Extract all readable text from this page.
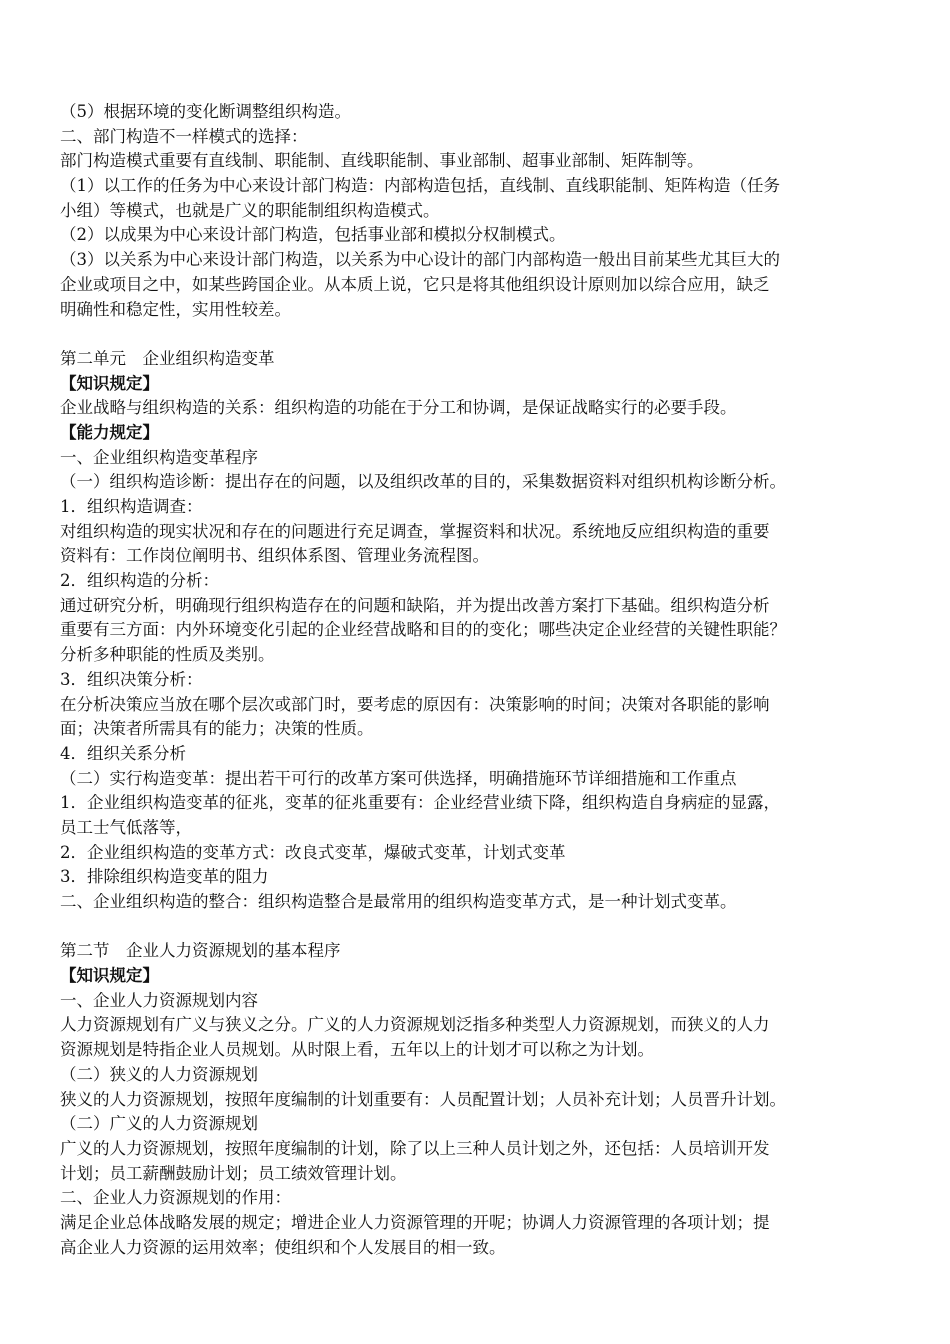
（5）根据环境的变化断调整组织构造。
二、部门构造不一样模式的选择：
部门构造模式重要有直线制、职能制、直线职能制、事业部制、超事业部制、矩阵制等。
（1）以工作的任务为中心来设计部门构造：内部构造包括，直线制、直线职能制、矩阵构造（任务
小组）等模式，也就是广义的职能制组织构造模式。
（2）以成果为中心来设计部门构造，包括事业部和模拟分权制模式。
（3）以关系为中心来设计部门构造，以关系为中心设计的部门内部构造一般出目前某些尤其巨大的
企业或项目之中，如某些跨国企业。从本质上说，它只是将其他组织设计原则加以综合应用，缺乏
明确性和稳定性，实用性较差。
第二单元　企业组织构造变革
【知识规定】
企业战略与组织构造的关系：组织构造的功能在于分工和协调，是保证战略实行的必要手段。
【能力规定】
一、企业组织构造变革程序
（一）组织构造诊断：提出存在的问题，以及组织改革的目的，采集数据资料对组织机构诊断分析。
1．组织构造调查：
对组织构造的现实状况和存在的问题进行充足调查，掌握资料和状况。系统地反应组织构造的重要
资料有：工作岗位阐明书、组织体系图、管理业务流程图。
2．组织构造的分析：
通过研究分析，明确现行组织构造存在的问题和缺陷，并为提出改善方案打下基础。组织构造分析
重要有三方面：内外环境变化引起的企业经营战略和目的的变化；哪些决定企业经营的关键性职能？
分析多种职能的性质及类别。
3．组织决策分析：
在分析决策应当放在哪个层次或部门时，要考虑的原因有：决策影响的时间；决策对各职能的影响
面；决策者所需具有的能力；决策的性质。
4．组织关系分析
（二）实行构造变革：提出若干可行的改革方案可供选择，明确措施环节详细措施和工作重点
1．企业组织构造变革的征兆，变革的征兆重要有：企业经营业绩下降，组织构造自身病症的显露，
员工士气低落等，
2．企业组织构造的变革方式：改良式变革，爆破式变革，计划式变革
3．排除组织构造变革的阻力
二、企业组织构造的整合：组织构造整合是最常用的组织构造变革方式，是一种计划式变革。
第二节　企业人力资源规划的基本程序
【知识规定】
一、企业人力资源规划内容
人力资源规划有广义与狭义之分。广义的人力资源规划泛指多种类型人力资源规划，而狭义的人力
资源规划是特指企业人员规划。从时限上看，五年以上的计划才可以称之为计划。
（二）狭义的人力资源规划
狭义的人力资源规划，按照年度编制的计划重要有：人员配置计划；人员补充计划；人员晋升计划。
（二）广义的人力资源规划
广义的人力资源规划，按照年度编制的计划，除了以上三种人员计划之外，还包括：人员培训开发
计划；员工薪酬鼓励计划；员工绩效管理计划。
二、企业人力资源规划的作用：
满足企业总体战略发展的规定；增进企业人力资源管理的开呢；协调人力资源管理的各项计划；提
高企业人力资源的运用效率；使组织和个人发展目的相一致。
